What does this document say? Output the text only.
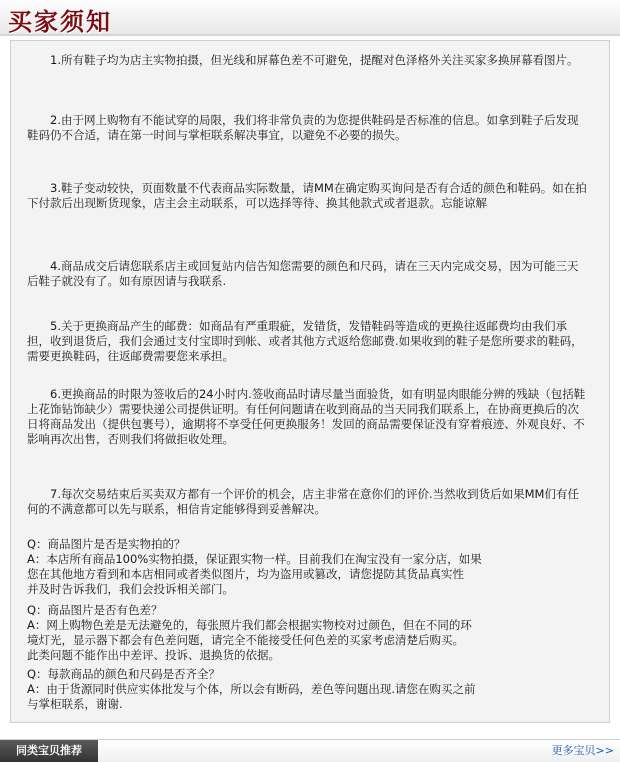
买家须知
1.所有鞋子均为店主实物拍摄，但光线和屏幕色差不可避免，提醒对色泽格外关注买家多换屏幕看图片。
2.由于网上购物有不能试穿的局限，我们将非常负责的为您提供鞋码是否标准的信息。如拿到鞋子后发现鞋码仍不合适，请在第一时间与掌柜联系解决事宜，以避免不必要的损失。
3.鞋子变动较快，页面数量不代表商品实际数量，请MM在确定购买询问是否有合适的颜色和鞋码。如在拍下付款后出现断货现象，店主会主动联系，可以选择等待、换其他款式或者退款。忘能谅解
4.商品成交后请您联系店主或回复站内信告知您需要的颜色和尺码，请在三天内完成交易，因为可能三天后鞋子就没有了。如有原因请与我联系.
5.关于更换商品产生的邮费：如商品有严重瑕疵，发错货，发错鞋码等造成的更换往返邮费均由我们承担，收到退货后，我们会通过支付宝即时到帐、或者其他方式返给您邮费.如果收到的鞋子是您所要求的鞋码，需要更换鞋码，往返邮费需要您来承担。
6.更换商品的时限为签收后的24小时内.签收商品时请尽量当面验货，如有明显肉眼能分辨的残缺（包括鞋上花饰钻饰缺少）需要快递公司提供证明。有任何问题请在收到商品的当天同我们联系上，在协商更换后的次日将商品发出（提供包裹号），逾期将不享受任何更换服务！发回的商品需要保证没有穿着痕迹、外观良好、不影响再次出售，否则我们将做拒收处理。
7.每次交易结束后买卖双方都有一个评价的机会，店主非常在意你们的评价.当然收到货后如果MM们有任何的不满意都可以先与联系，相信肯定能够得到妥善解决。
Q：商品图片是否是实物拍的？
A：本店所有商品100%实物拍摄，保证跟实物一样。目前我们在淘宝没有一家分店，如果
您在其他地方看到和本店相同或者类似图片，均为盗用或篡改，请您提防其货品真实性
并及时告诉我们，我们会投诉相关部门。
Q：商品图片是否有色差？
A：网上购物色差是无法避免的，每张照片我们都会根据实物校对过颜色，但在不同的环
境灯光，显示器下都会有色差问题，请完全不能接受任何色差的买家考虑清楚后购买。
此类问题不能作出中差评、投诉、退换货的依据。
Q：每款商品的颜色和尺码是否齐全？
A：由于货源同时供应实体批发与个体，所以会有断码，差色等问题出现.请您在购买之前
与掌柜联系，谢谢.
同类宝贝推荐	更多宝贝>>
